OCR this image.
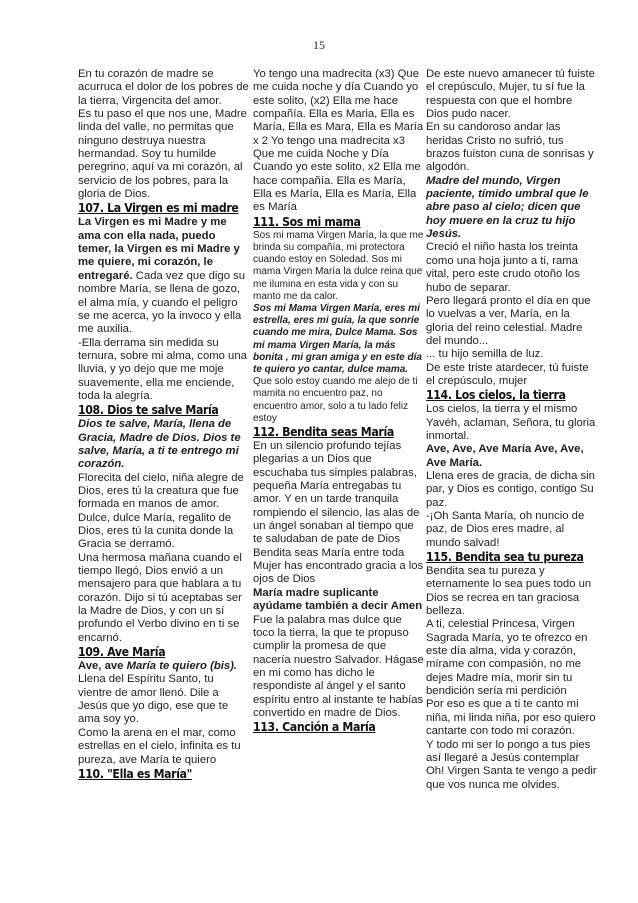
15

En tu corazón de madre se acurruca el dolor de los pobres de la tierra, Virgencita del amor.

Es tu paso el que nos une, Madre linda del valle, no permitas que ninguno destruya nuestra hermandad. Soy tu humilde peregrino, aquí va mi corazón, al servicio de los pobres, para la gloria de Dios.

107. La Virgen es mi madre

La Virgen es mi Madre y me ama con ella nada, puedo temer, la Virgen es mi Madre y me quiere, mi corazón, le entregaré. Cada vez que digo su nombre María, se llena de gozo, el alma mía, y cuando el peligro se me acerca, yo la invoco y ella me auxilia.

-Ella derrama sin medida su ternura, sobre mi alma, como una lluvia, y yo dejo que me moje suavemente, ella me enciende, toda la alegría.

108. Dios te salve María

Dios te salve, María, llena de Gracia, Madre de Dios. Dios te salve, María, a ti te entrego mi corazón.

Florecita del cielo, niña alegre de Dios, eres tú la creatura que fue formada en manos de amor. Dulce, dulce María, regalito de Dios, eres tú la cunita donde la Gracia se derramó.

Una hermosa mañana cuando el tiempo llegó, Dios envió a un mensajero para que hablara a tu corazón. Dijo si tú aceptabas ser la Madre de Dios, y con un sí profundo el Verbo divino en ti se encarnó.

109. Ave María

Ave, ave María te quiero (bis). Llena del Espíritu Santo, tu vientre de amor llenó. Dile a Jesús que yo digo, ese que te ama soy yo.

Como la arena en el mar, como estrellas en el cielo, infinita es tu pureza, ave María te quiero

110. "Ella es María"

Yo tengo una madrecita (x3) Que me cuida noche y día Cuando yo este solito, (x2) Ella me hace compañía. Ella es Maria, Ella es María, Ella es Mara, Ella es María x 2 Yo tengo una madrecita x3 Que me cuida Noche y Día Cuando yo este solito, x2 Ella me hace compañía. Ella es María, Ella es María, Ella es María, Ella es María

111. Sos mi mama

Sos mi mama Virgen María, la que me brinda su compañía, mi protectora cuando estoy en Soledad. Sos mi mama Virgen María la dulce reina que me ilumina en esta vida y con su manto me da calor.

Sos mi Mama Virgen María, eres mi estrella, eres mi guía, la que sonríe cuando me mira, Dulce Mama. Sos mi mama Virgen María, la más bonita , mi gran amiga y en este día te quiero yo cantar, dulce mama.

Que solo estoy cuando me alejo de ti mamita no encuentro paz, no encuentro amor, solo a tu lado feliz estoy

112. Bendita seas María

En un silencio profundo tejías plegarias a un Dios que escuchaba tus simples palabras, pequeña María entregabas tu amor. Y en un tarde tranquila rompiendo el silencio, las alas de un ángel sonaban al tiempo que te saludaban de pate de Dios Bendita seas María entre toda Mujer has encontrado gracia a los ojos de Dios

María madre suplicante ayúdame también a decir Amen

Fue la palabra mas dulce que toco la tierra, la que te propuso cumplir la promesa de que nacería nuestro Salvador. Hágase en mi como has dicho le respondiste al ángel y el santo espíritu entro al instante te habías convertido en madre de Dios.

113. Canción a María

De este nuevo amanecer tú fuiste el crepúsculo, Mujer, tu sí fue la respuesta con que el hombre Dios pudo nacer.

En su candoroso andar las heridas Cristo no sufrió, tus brazos fuiston cuna de sonrisas y algodón.

Madre del mundo, Virgen paciente, tímido umbral que le abre paso al cielo; dicen que hoy muere en la cruz tu hijo Jesús.

Creció el niño hasta los treinta como una hoja junto a ti, rama vital, pero este crudo otoño los hubo de separar.

Pero llegará pronto el día en que lo vuelvas a ver, María, en la gloria del reino celestial. Madre del mundo...

... tu hijo semilla de luz.

De este triste atardecer, tú fuiste el crepúsculo, mujer

114. Los cielos, la tierra

Los cielos, la tierra y el mismo Yavéh, aclaman, Señora, tu gloria inmortal.

Ave, Ave, Ave María Ave, Ave, Ave María.

Llena eres de gracia, de dicha sin par, y Dios es contigo, contigo Su paz.

-¡Oh Santa María, oh nuncio de paz, de Dios eres madre, al mundo salvad!

115. Bendita sea tu pureza

Bendita sea tu pureza y eternamente lo sea pues todo un Dios se recrea en tan graciosa belleza.

A ti, celestial Princesa, Virgen Sagrada María, yo te ofrezco en este día alma, vida y corazón,

mírame con compasión, no me dejes Madre mía, morir sin tu bendición sería mi perdición

Por eso es que a ti te canto mi niña, mi linda niña, por eso quiero cantarte con todo mi corazón.

Y todo mi ser lo pongo a tus pies así llegaré a Jesús contemplar Oh! Virgen Santa te vengo a pedir que vos nunca me olvides.
